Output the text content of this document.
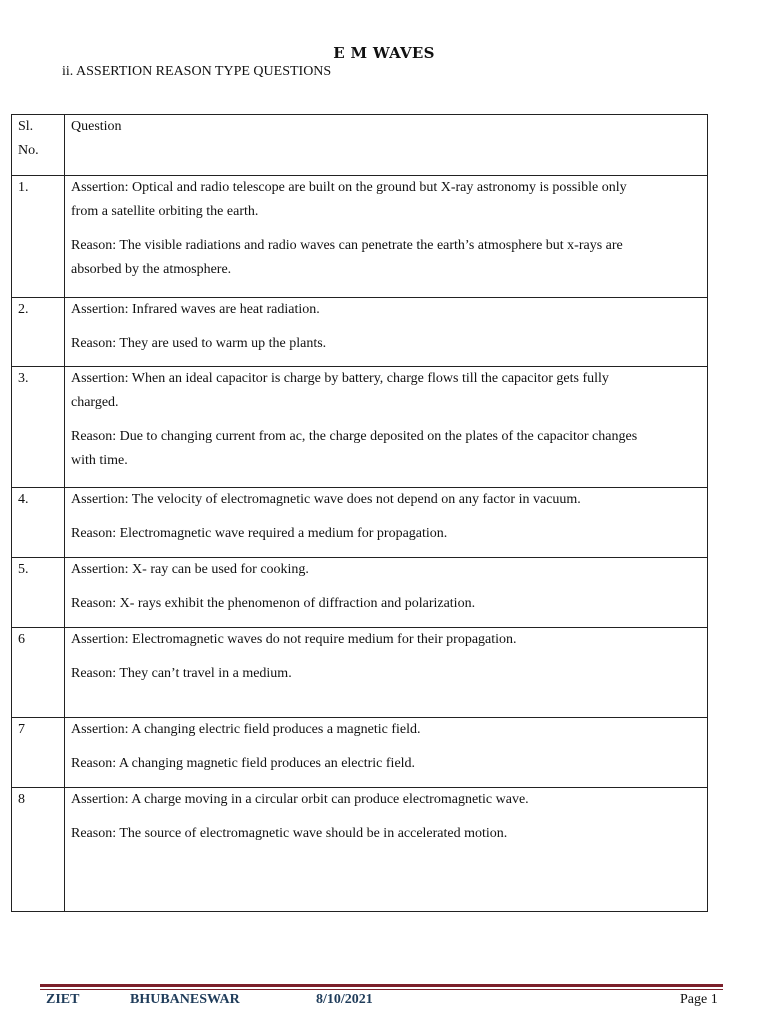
E M WAVES
ii. ASSERTION REASON TYPE QUESTIONS
Sl.
No.	Question

1.	Assertion: Optical and radio telescope are built on the ground but X-ray astronomy is possible only
from a satellite orbiting the earth.
Reason: The visible radiations and radio waves can penetrate the earth’s atmosphere but x-rays are
absorbed by the atmosphere.

2.	Assertion: Infrared waves are heat radiation.
Reason: They are used to warm up the plants.

3.	Assertion: When an ideal capacitor is charge by battery, charge flows till the capacitor gets fully
charged.
Reason: Due to changing current from ac, the charge deposited on the plates of the capacitor changes
with time.

4.	Assertion: The velocity of electromagnetic wave does not depend on any factor in vacuum.
Reason: Electromagnetic wave required a medium for propagation.

5.	Assertion: X- ray can be used for cooking.
Reason: X- rays exhibit the phenomenon of diffraction and polarization.

6	Assertion: Electromagnetic waves do not require medium for their propagation.
Reason: They can’t travel in a medium.

7	Assertion: A changing electric field produces a magnetic field.
Reason: A changing magnetic field produces an electric field.

8	Assertion: A charge moving in a circular orbit can produce electromagnetic wave.
Reason: The source of electromagnetic wave should be in accelerated motion.
ZIET	BHUBANESWAR	8/10/2021	Page 1
